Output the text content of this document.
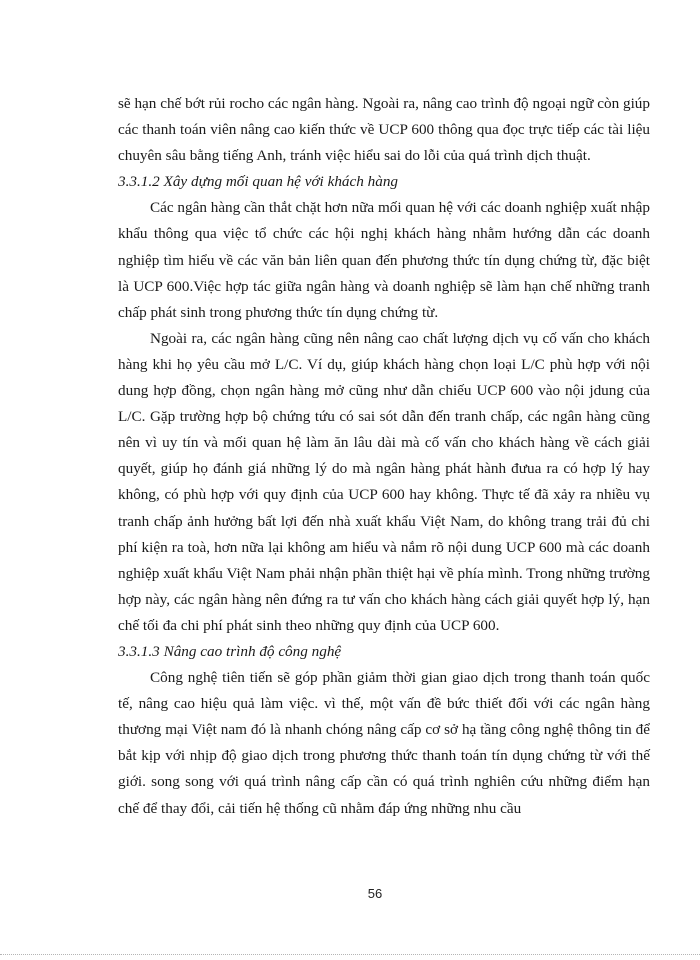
sẽ hạn chế bớt rủi rocho các ngân hàng. Ngoài ra, nâng cao trình độ ngoại ngữ còn giúp các thanh toán viên nâng cao kiến thức về UCP 600 thông qua đọc trực tiếp các tài liệu chuyên sâu bằng tiếng Anh, tránh việc hiểu sai do lỗi của quá trình dịch thuật.

3.3.1.2 Xây dựng mối quan hệ với khách hàng

Các ngân hàng cần thắt chặt hơn nữa mối quan hệ với các doanh nghiệp xuất nhập khẩu thông qua việc tổ chức các hội nghị khách hàng nhằm hướng dẫn các doanh nghiệp tìm hiểu về các văn bản liên quan đến phương thức tín dụng chứng từ, đặc biệt là UCP 600.Việc hợp tác giữa ngân hàng và doanh nghiệp sẽ làm hạn chế những tranh chấp phát sinh trong phương thức tín dụng chứng từ.

Ngoài ra, các ngân hàng cũng nên nâng cao chất lượng dịch vụ cố vấn cho khách hàng khi họ yêu cầu mở L/C. Ví dụ, giúp khách hàng chọn loại L/C phù hợp với nội dung hợp đồng, chọn ngân hàng mở cũng như dẫn chiếu UCP 600 vào nội jdung của L/C. Gặp trường hợp bộ chứng tứu có sai sót dẫn đến tranh chấp, các ngân hàng cũng nên vì uy tín và mối quan hệ làm ăn lâu dài mà cố vấn cho khách hàng về cách giải quyết, giúp họ đánh giá những lý do mà ngân hàng phát hành đưua ra có hợp lý hay không, có phù hợp với quy định của UCP 600 hay không. Thực tế đã xảy ra nhiều vụ tranh chấp ảnh hưởng bất lợi đến nhà xuất khẩu Việt Nam, do không trang trải đủ chi phí kiện ra toà, hơn nữa lại không am hiểu và nắm rõ nội dung UCP 600 mà các doanh nghiệp xuất khẩu Việt Nam phải nhận phần thiệt hại về phía mình. Trong những trường hợp này, các ngân hàng nên đứng ra tư vấn cho khách hàng cách giải quyết hợp lý, hạn chế tối đa chi phí phát sinh theo những quy định của UCP 600.

3.3.1.3 Nâng cao trình độ công nghệ

Công nghệ tiên tiến sẽ góp phần giảm thời gian giao dịch trong thanh toán quốc tế, nâng cao hiệu quả làm việc. vì thế, một vấn đề bức thiết đối với các ngân hàng thương mại Việt nam đó là nhanh chóng nâng cấp cơ sở hạ tầng công nghệ thông tin để bắt kịp với nhịp độ giao dịch trong phương thức thanh toán tín dụng chứng từ với thế giới. song song với quá trình nâng cấp cần có quá trình nghiên cứu những điểm hạn chế để thay đổi, cải tiến hệ thống cũ nhằm đáp ứng những nhu cầu

56
